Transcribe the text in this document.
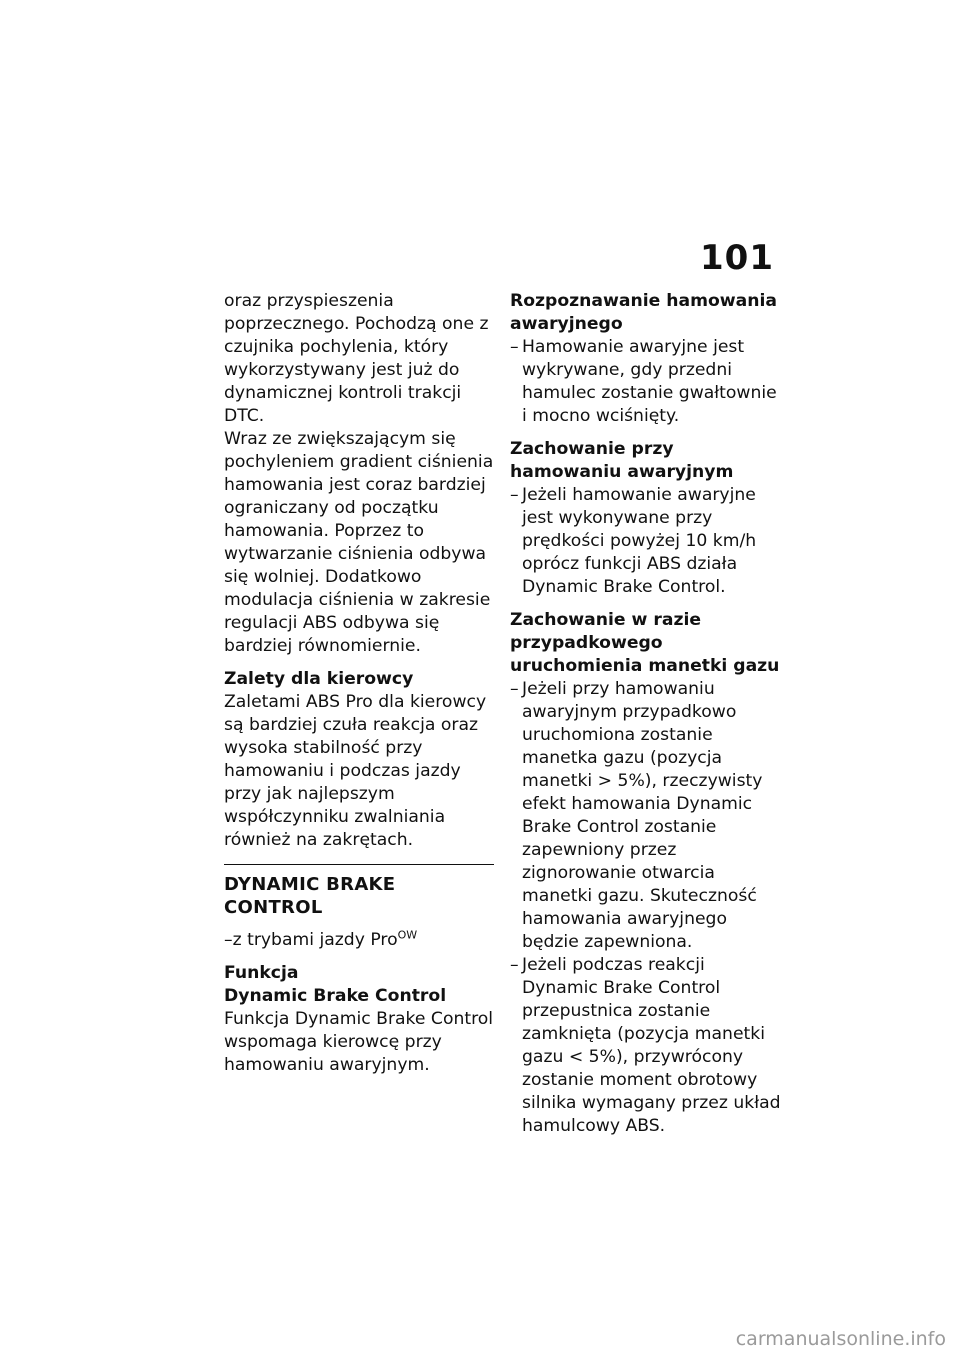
101

oraz przyspieszenia poprzecznego. Pochodzą one z czujnika pochylenia, który wykorzystywany jest już do dynamicznej kontroli trakcji DTC.

Wraz ze zwiększającym się pochyleniem gradient ciśnienia hamowania jest coraz bardziej ograniczany od początku hamowania. Poprzez to wytwarzanie ciśnienia odbywa się wolniej. Dodatkowo modulacja ciśnienia w zakresie regulacji ABS odbywa się bardziej równomiernie.

Zalety dla kierowcy

Zaletami ABS Pro dla kierowcy są bardziej czuła reakcja oraz wysoka stabilność przy hamowaniu i podczas jazdy przy jak najlepszym współczynniku zwalniania również na zakrętach.

DYNAMIC BRAKE CONTROL

–z trybami jazdy Pro$^{OW}$

Funkcja

Dynamic Brake Control

Funkcja Dynamic Brake Control wspomaga kierowcę przy hamowaniu awaryjnym.

Rozpoznawanie hamowania awaryjnego

– Hamowanie awaryjne jest wykrywane, gdy przedni hamulec zostanie gwałtownie i mocno wciśnięty.

Zachowanie przy hamowaniu awaryjnym

– Jeżeli hamowanie awaryjne jest wykonywane przy prędkości powyżej 10 km/h oprócz funkcji ABS działa Dynamic Brake Control.

Zachowanie w razie przypadkowego uruchomienia manetki gazu

– Jeżeli przy hamowaniu awaryjnym przypadkowo uruchomiona zostanie manetka gazu (pozycja manetki > 5%), rzeczywisty efekt hamowania Dynamic Brake Control zostanie zapewniony przez zignorowanie otwarcia manetki gazu. Skuteczność hamowania awaryjnego będzie zapewniona.
– Jeżeli podczas reakcji Dynamic Brake Control przepustnica zostanie zamknięta (pozycja manetki gazu < 5%), przywrócony zostanie moment obrotowy silnika wymagany przez układ hamulcowy ABS.
carmanualsonline.info
